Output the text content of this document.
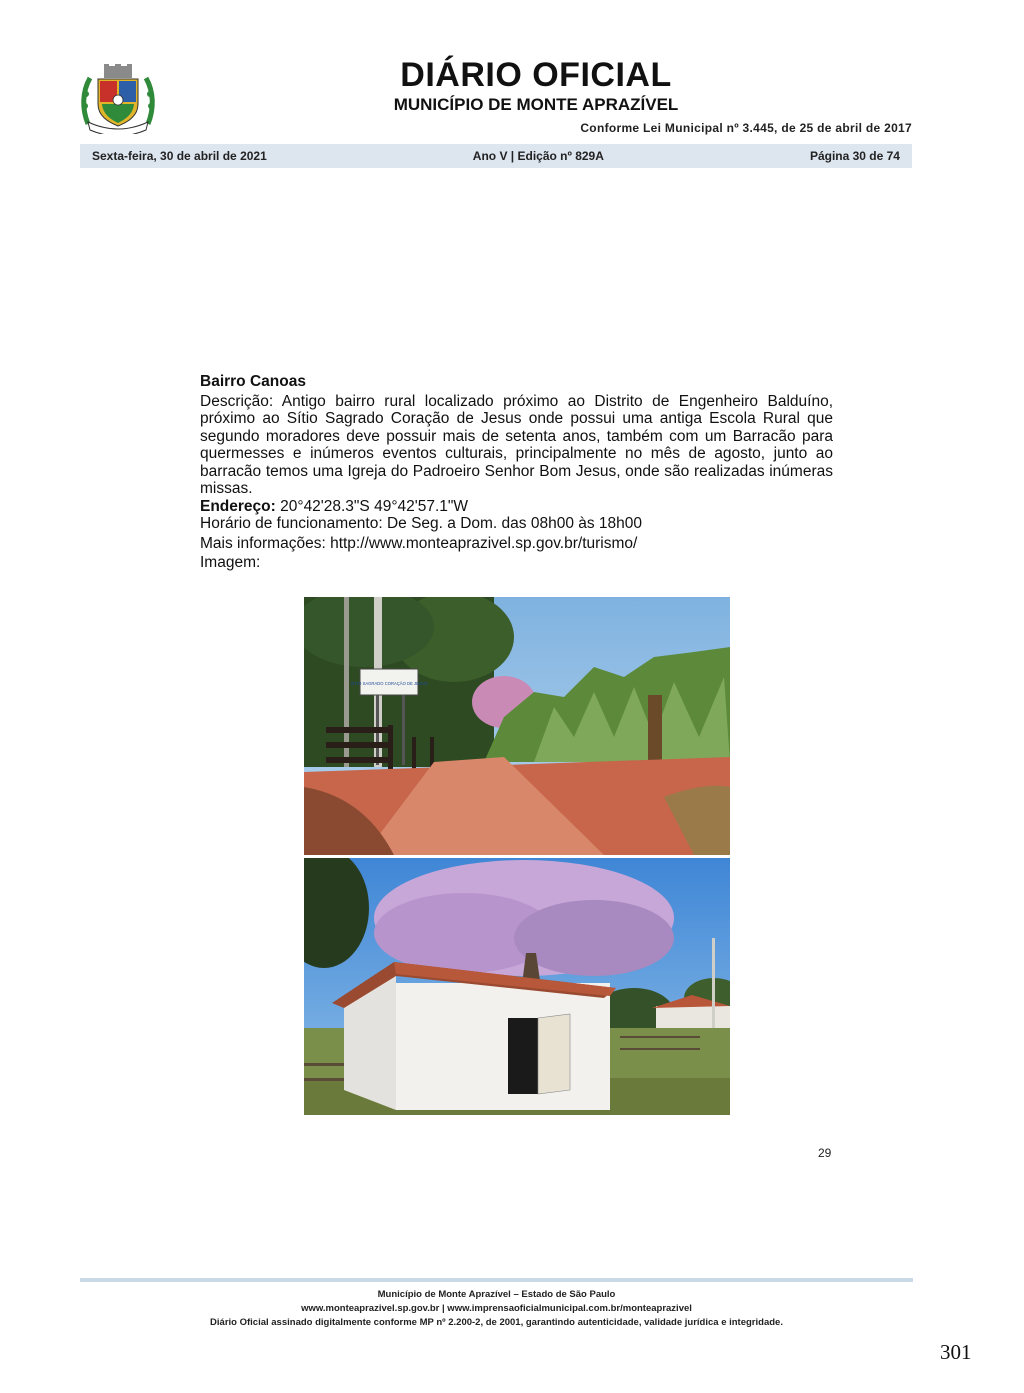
DIÁRIO OFICIAL
MUNICÍPIO DE MONTE APRAZÍVEL
Conforme Lei Municipal nº 3.445, de 25 de abril de 2017
Sexta-feira, 30 de abril de 2021	Ano V | Edição nº 829A	Página 30 de 74
Bairro Canoas

Descrição: Antigo bairro rural localizado próximo ao Distrito de Engenheiro Balduíno, próximo ao Sítio Sagrado Coração de Jesus onde possui uma antiga Escola Rural que segundo moradores deve possuir mais de setenta anos, também com um Barracão para quermesses e inúmeros eventos culturais, principalmente no mês de agosto, junto ao barracão temos uma Igreja do Padroeiro Senhor Bom Jesus, onde são realizadas inúmeras missas.

Endereço: 20°42'28.3"S 49°42'57.1"W

Horário de funcionamento: De Seg. a Dom. das 08h00 às 18h00

Mais informações: http://www.monteaprazivel.sp.gov.br/turismo/

Imagem:

SITIO SAGRADO CORAÇÃO DE JESUS
29
Município de Monte Aprazível – Estado de São Paulo
www.monteaprazivel.sp.gov.br | www.imprensaoficialmunicipal.com.br/monteaprazivel
Diário Oficial assinado digitalmente conforme MP nº 2.200-2, de 2001, garantindo autenticidade, validade jurídica e integridade.
301
